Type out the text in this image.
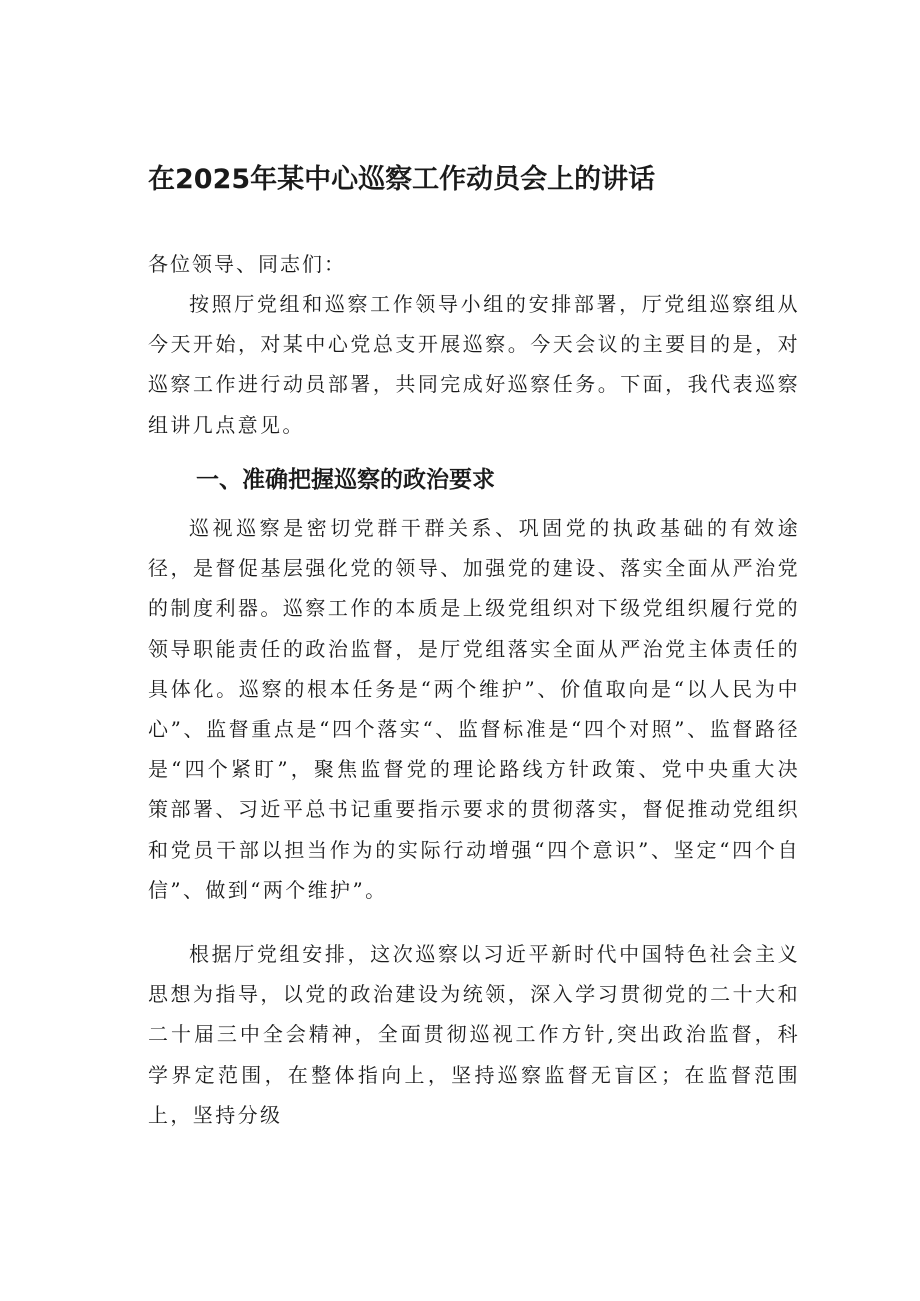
在2025年某中心巡察工作动员会上的讲话
各位领导、同志们：

按照厅党组和巡察工作领导小组的安排部署，厅党组巡察组从今天开始，对某中心党总支开展巡察。今天会议的主要目的是，对巡察工作进行动员部署，共同完成好巡察任务。下面，我代表巡察组讲几点意见。

一、准确把握巡察的政治要求

巡视巡察是密切党群干群关系、巩固党的执政基础的有效途径，是督促基层强化党的领导、加强党的建设、落实全面从严治党的制度利器。巡察工作的本质是上级党组织对下级党组织履行党的领导职能责任的政治监督，是厅党组落实全面从严治党主体责任的具体化。巡察的根本任务是“两个维护”、价值取向是“以人民为中心”、监督重点是“四个落实“、监督标准是“四个对照”、监督路径是“四个紧盯”，聚焦监督党的理论路线方针政策、党中央重大决策部署、习近平总书记重要指示要求的贯彻落实，督促推动党组织和党员干部以担当作为的实际行动增强“四个意识”、坚定“四个自信”、做到“两个维护”。

根据厅党组安排，这次巡察以习近平新时代中国特色社会主义思想为指导，以党的政治建设为统领，深入学习贯彻党的二十大和二十届三中全会精神，全面贯彻巡视工作方针,突出政治监督，科学界定范围，在整体指向上，坚持巡察监督无盲区；在监督范围上，坚持分级
